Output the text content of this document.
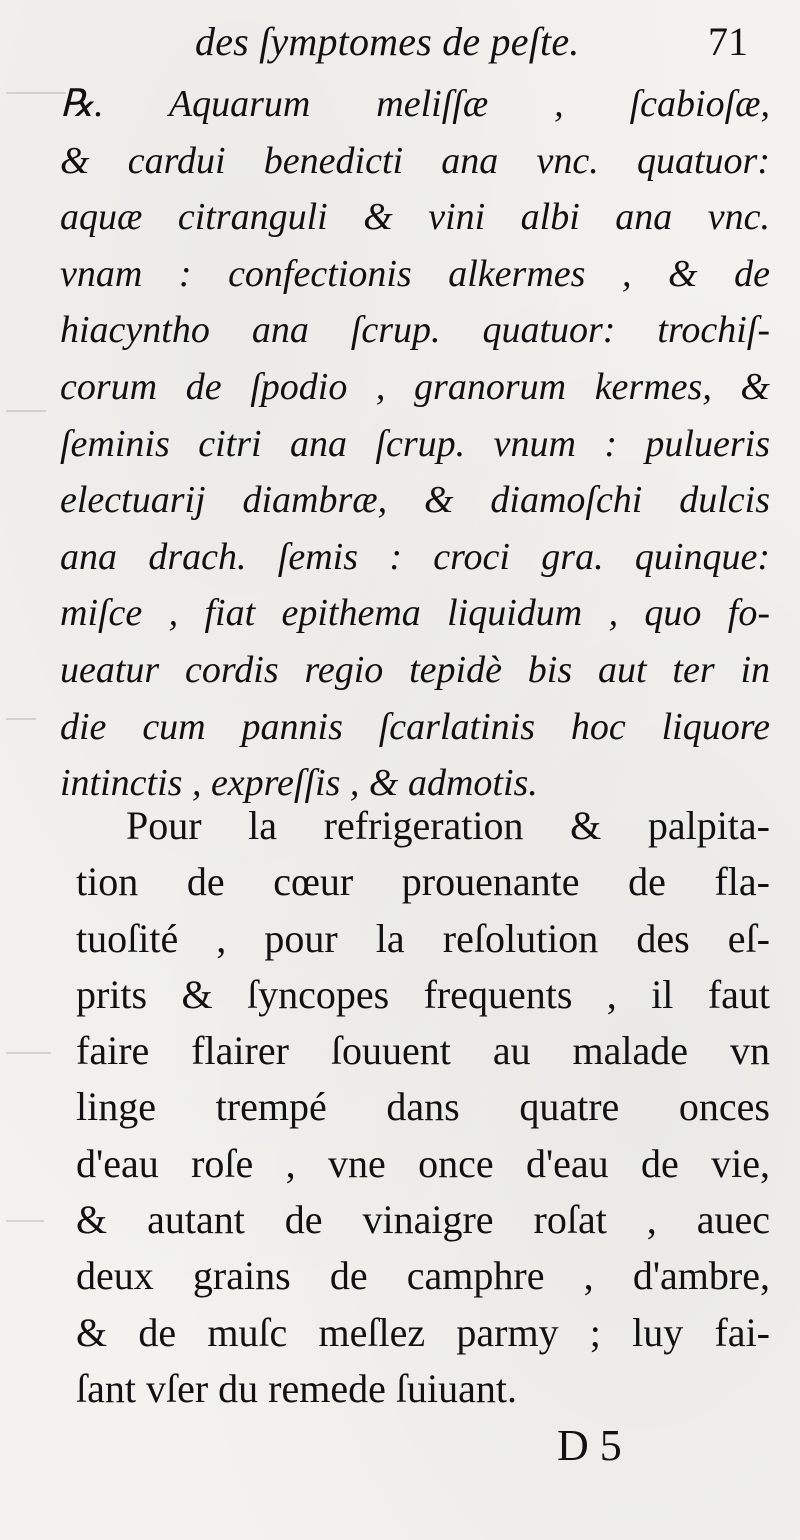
des ſymptomes de peſte.	71
℞. Aquarum meliſſæ , ſcabioſæ,
& cardui benedicti ana vnc. quatuor:
aquæ citranguli & vini albi ana vnc.
vnam : confectionis alkermes , & de
hiacyntho ana ſcrup. quatuor: trochiſ-
corum de ſpodio , granorum kermes, &
ſeminis citri ana ſcrup. vnum : pulueris
electuarij diambræ, & diamoſchi dulcis
ana drach. ſemis : croci gra. quinque:
miſce , fiat epithema liquidum , quo fo-
ueatur cordis regio tepidè bis aut ter in
die cum pannis ſcarlatinis hoc liquore
intinctis , expreſſis , & admotis.
Pour la refrigeration & palpita-
tion de cœur prouenante de fla-
tuoſité , pour la reſolution des eſ-
prits & ſyncopes frequents , il faut
faire flairer ſouuent au malade vn
linge trempé dans quatre onces
d'eau roſe , vne once d'eau de vie,
& autant de vinaigre roſat , auec
deux grains de camphre , d'ambre,
& de muſc meſlez parmy ; luy fai-
ſant vſer du remede ſuiuant.
D 5
